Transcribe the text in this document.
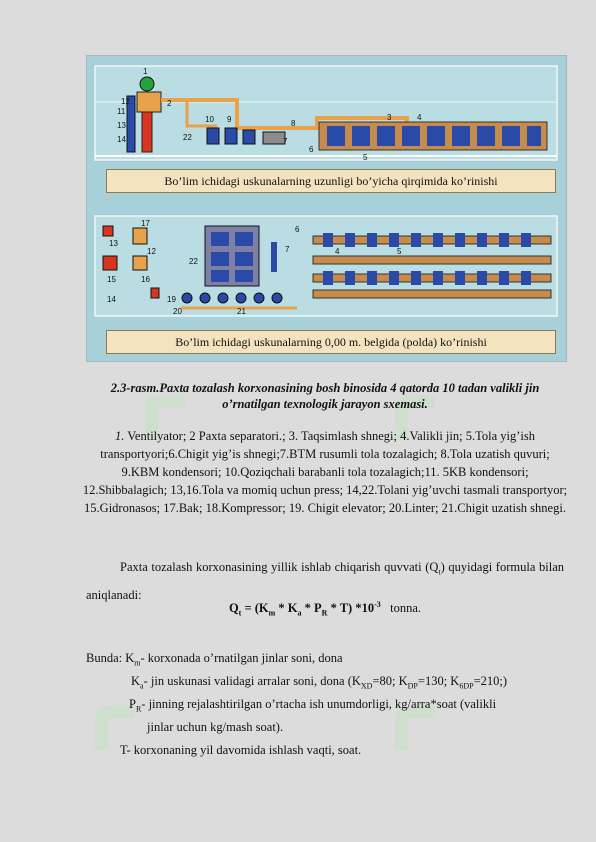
1
12
11
13
14
2
10
22
9	8
7
6
3	4
5
17
13
12
15	16
14
22
7
6
5
4
19
20	21
Bo’lim ichidagi uskunalarning uzunligi bo’yicha qirqimida ko’rinishi
Bo’lim ichidagi uskunalarning 0,00 m. belgida (polda) ko’rinishi
2.3-rasm.Paxta tozalash korxonasining bosh binosida 4 qatorda 10 tadan valikli jin o’rnatilgan texnologik jarayon sxemasi.
1. Ventilyator; 2 Paxta separatori.; 3. Taqsimlash shnegi; 4.Valikli jin; 5.Tola yig’ish transportyori;6.Chigit yig’is shnegi;7.BTM rusumli tola tozalagich; 8.Tola uzatish quvuri; 9.KBM kondensori; 10.Qoziqchali barabanli tola tozalagich;11. 5KB kondensori; 12.Shibbalagich; 13,16.Tola va momiq uchun press; 14,22.Tolani yig’uvchi tasmali transportyor; 15.Gidronasos; 17.Bak; 18.Kompressor; 19. Chigit elevator; 20.Linter; 21.Chigit uzatish shnegi.
Paxta tozalash korxonasining yillik ishlab chiqarish quvvati $(Q_t)$ quyidagi formula bilan aniqlanadi:
$Q_t = (K_m * K_a * P_R * T)$ $*10^{-3}$ tonna.
Bunda: $K_m-$ korxonada o’rnatilgan jinlar soni, dona
$K_a-$ jin uskunasi validagi arralar soni, dona ($K_{XD}=80$; $K_{DP}=130$; $K_{6DP}=210$;)
$P_R-$ jinning rejalashtirilgan o’rtacha ish unumdorligi, kg/arra*soat (valikli
jinlar uchun kg/mash soat).
T- korxonaning yil davomida ishlash vaqti, soat.
